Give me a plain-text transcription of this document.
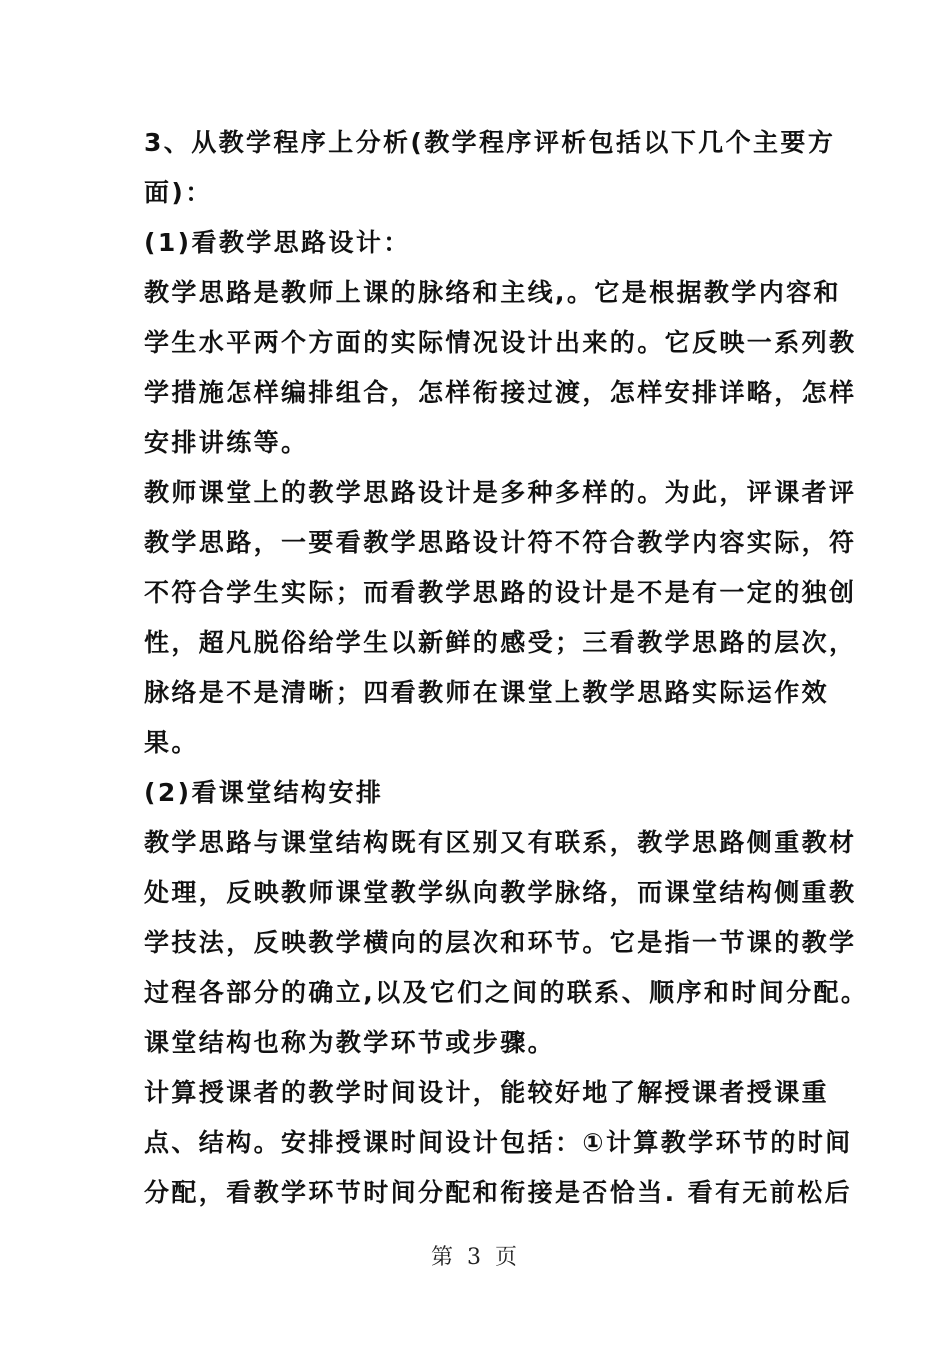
3、从教学程序上分析(教学程序评析包括以下几个主要方
面)：
(1)看教学思路设计：
教学思路是教师上课的脉络和主线,。它是根据教学内容和
学生水平两个方面的实际情况设计出来的。它反映一系列教
学措施怎样编排组合，怎样衔接过渡，怎样安排详略，怎样
安排讲练等。
教师课堂上的教学思路设计是多种多样的。为此，评课者评
教学思路，一要看教学思路设计符不符合教学内容实际，符
不符合学生实际；而看教学思路的设计是不是有一定的独创
性，超凡脱俗给学生以新鲜的感受；三看教学思路的层次，
脉络是不是清晰；四看教师在课堂上教学思路实际运作效
果。
(2)看课堂结构安排
教学思路与课堂结构既有区别又有联系，教学思路侧重教材
处理，反映教师课堂教学纵向教学脉络，而课堂结构侧重教
学技法，反映教学横向的层次和环节。它是指一节课的教学
过程各部分的确立,以及它们之间的联系、顺序和时间分配。
课堂结构也称为教学环节或步骤。
计算授课者的教学时间设计，能较好地了解授课者授课重
点、结构。安排授课时间设计包括：①计算教学环节的时间
分配，看教学环节时间分配和衔接是否恰当. 看有无前松后
第 3 页
